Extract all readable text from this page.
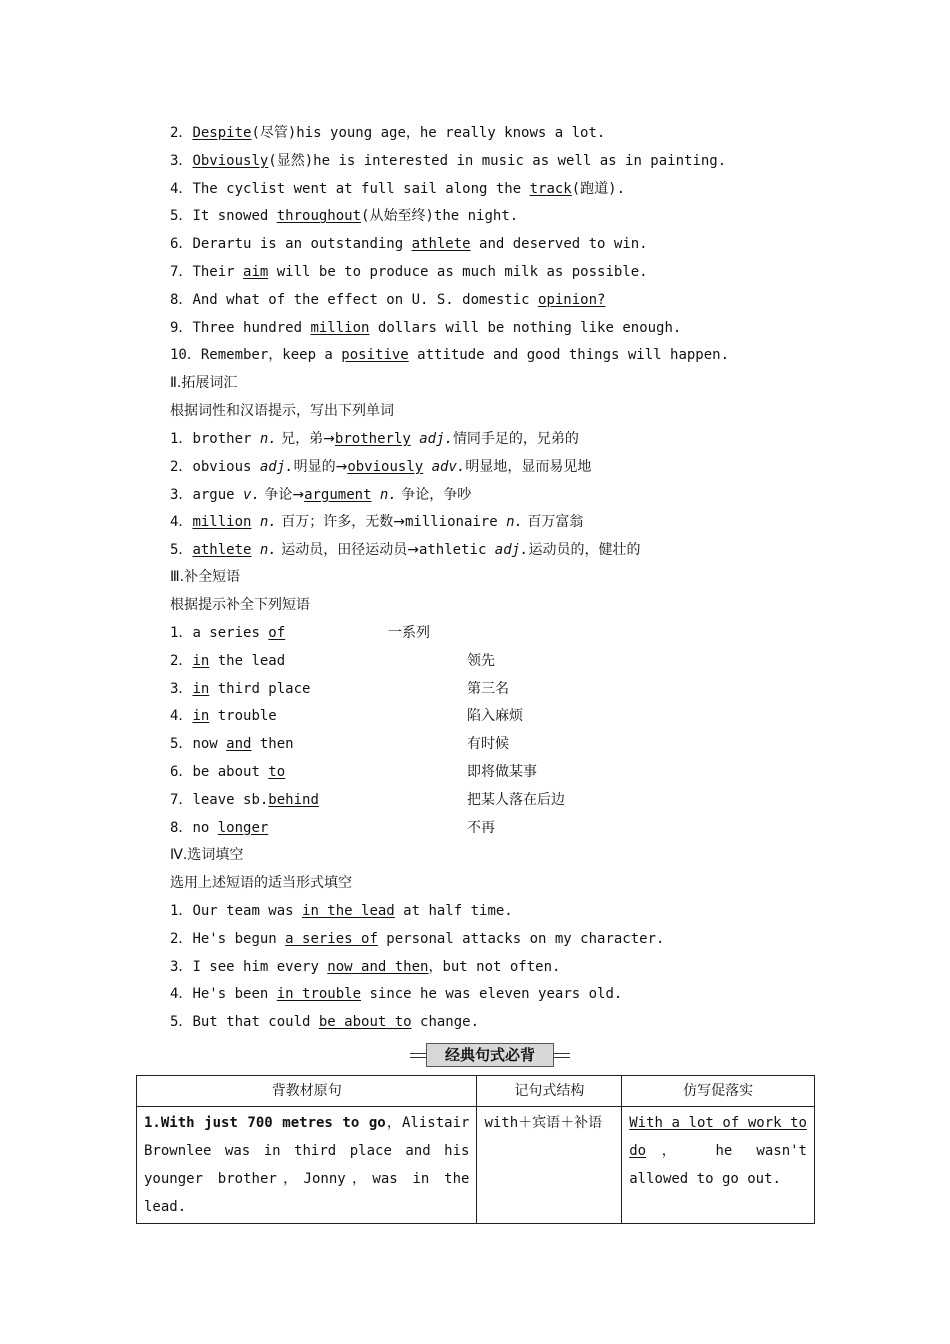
2．Despite(尽管)his young age，he really knows a lot.
3．Obviously(显然)he is interested in music as well as in painting.
4．The cyclist went at full sail along the track(跑道).
5．It snowed throughout(从始至终)the night.
6．Derartu is an outstanding athlete and deserved to win.
7．Their aim will be to produce as much milk as possible.
8．And what of the effect on U. S. domestic opinion?
9．Three hundred million dollars will be nothing like enough.
10．Remember，keep a positive attitude and good things will happen.
Ⅱ.拓展词汇
根据词性和汉语提示，写出下列单词
1．brother n. 兄，弟→brotherly adj.情同手足的，兄弟的
2．obvious adj.明显的→obviously adv.明显地，显而易见地
3．argue v. 争论→argument n. 争论，争吵
4．million n. 百万；许多，无数→millionaire n. 百万富翁
5．athlete n. 运动员，田径运动员→athletic adj.运动员的，健壮的
Ⅲ.补全短语
根据提示补全下列短语
1．a series of	一系列
2．in the lead	领先
3．in third place	第三名
4．in trouble	陷入麻烦
5．now and then	有时候
6．be about to	即将做某事
7．leave sb.behind	把某人落在后边
8．no longer	不再
Ⅳ.选词填空
选用上述短语的适当形式填空
1．Our team was in the lead at half time.
2．He's begun a series of personal attacks on my character.
3．I see him every now and then，but not often.
4．He's been in trouble since he was eleven years old.
5．But that could be about to change.
经典句式必背
背教材原句	记句式结构	仿写促落实
1.With just 700 metres to go，Alistair Brownlee was in third place and his younger brother，Jonny，was in the lead.	with＋宾语＋补语	With a lot of work to do， he wasn't allowed to go out.
